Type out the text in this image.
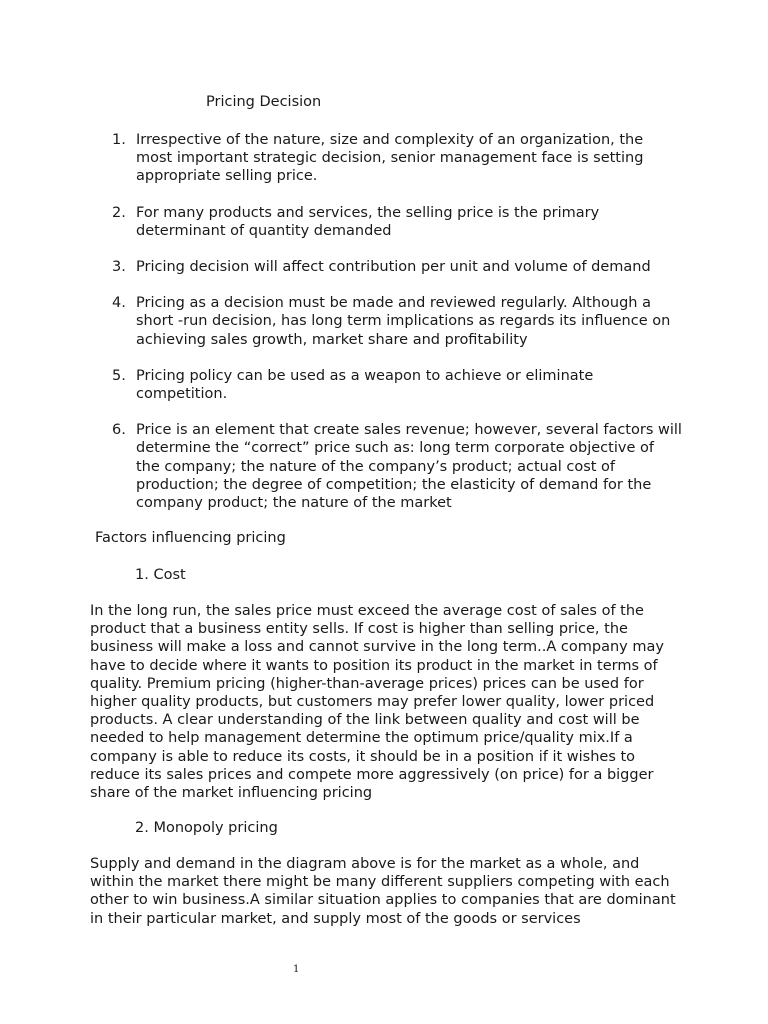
Pricing Decision
1. Irrespective of the nature, size and complexity of an organization, the most important strategic decision, senior management face is setting appropriate selling price.
2. For many products and services, the selling price is the primary determinant of quantity demanded
3. Pricing decision will affect contribution per unit and volume of demand
4. Pricing as a decision must be made and reviewed regularly. Although a short -run decision, has long term implications as regards its influence on achieving sales growth, market share and profitability
5. Pricing policy can be used as a weapon to achieve or eliminate competition.
6. Price is an element that create sales revenue; however, several factors will determine the “correct” price such as: long term corporate objective of the company; the nature of the company’s product; actual cost of production; the degree of competition; the elasticity of demand for the company product; the nature of the market
Factors influencing pricing
1. Cost

In the long run, the sales price must exceed the average cost of sales of the product that a business entity sells. If cost is higher than selling price, the business will make a loss and cannot survive in the long term..A company may have to decide where it wants to position its product in the market in terms of quality. Premium pricing (higher-than-average prices) prices can be used for higher quality products, but customers may prefer lower quality, lower priced products. A clear understanding of the link between quality and cost will be needed to help management determine the optimum price/quality mix.If a company is able to reduce its costs, it should be in a position if it wishes to reduce its sales prices and compete more aggressively (on price) for a bigger share of the market influencing pricing

2. Monopoly pricing

Supply and demand in the diagram above is for the market as a whole, and within the market there might be many different suppliers competing with each other to win business.A similar situation applies to companies that are dominant in their particular market, and supply most of the goods or services

1
